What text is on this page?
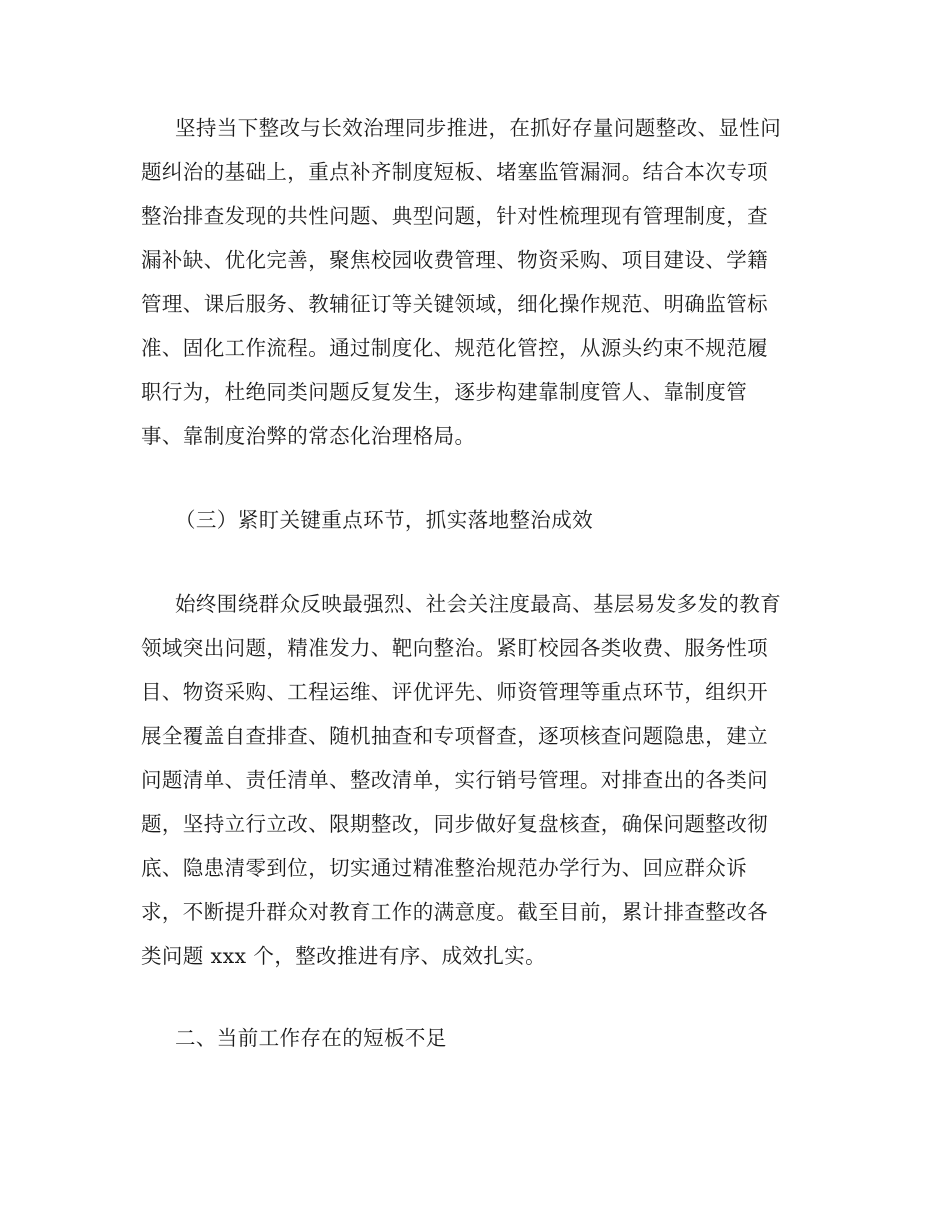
坚持当下整改与长效治理同步推进，在抓好存量问题整改、显性问
题纠治的基础上，重点补齐制度短板、堵塞监管漏洞。结合本次专项
整治排查发现的共性问题、典型问题，针对性梳理现有管理制度，查
漏补缺、优化完善，聚焦校园收费管理、物资采购、项目建设、学籍
管理、课后服务、教辅征订等关键领域，细化操作规范、明确监管标
准、固化工作流程。通过制度化、规范化管控，从源头约束不规范履
职行为，杜绝同类问题反复发生，逐步构建靠制度管人、靠制度管
事、靠制度治弊的常态化治理格局。
（三）紧盯关键重点环节，抓实落地整治成效
始终围绕群众反映最强烈、社会关注度最高、基层易发多发的教育
领域突出问题，精准发力、靶向整治。紧盯校园各类收费、服务性项
目、物资采购、工程运维、评优评先、师资管理等重点环节，组织开
展全覆盖自查排查、随机抽查和专项督查，逐项核查问题隐患，建立
问题清单、责任清单、整改清单，实行销号管理。对排查出的各类问
题，坚持立行立改、限期整改，同步做好复盘核查，确保问题整改彻
底、隐患清零到位，切实通过精准整治规范办学行为、回应群众诉
求，不断提升群众对教育工作的满意度。截至目前，累计排查整改各
类问题 xxx 个，整改推进有序、成效扎实。
二、当前工作存在的短板不足
